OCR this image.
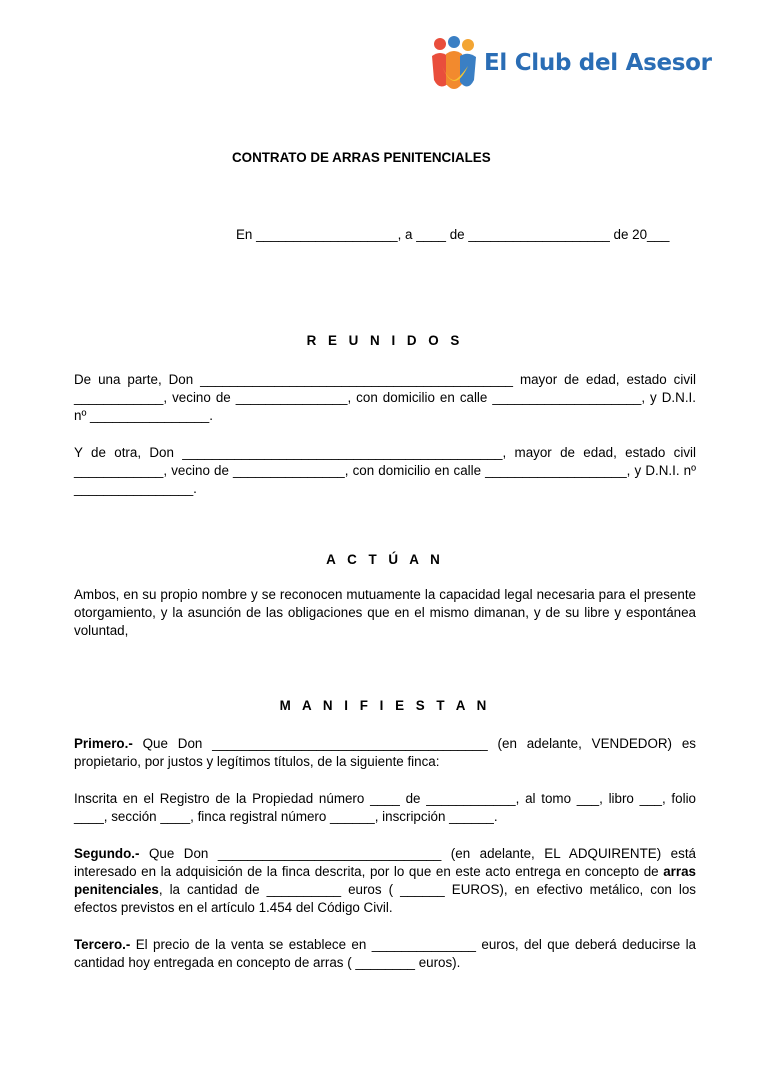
El Club del Asesor
CONTRATO DE ARRAS PENITENCIALES
En ___________________, a ____ de ___________________ de 20___
R E U N I D O S
De una parte, Don __________________________________________ mayor de edad, estado civil ____________, vecino de _______________, con domicilio en calle ____________________, y D.N.I. nº ________________.
Y de otra, Don ___________________________________________, mayor de edad, estado civil ____________, vecino de _______________, con domicilio en calle ___________________, y D.N.I. nº ________________.
A C T Ú A N
Ambos, en su propio nombre y se reconocen mutuamente la capacidad legal necesaria para el presente otorgamiento, y la asunción de las obligaciones que en el mismo dimanan, y de su libre y espontánea voluntad,
M A N I F I E S T A N
Primero.- Que Don _____________________________________ (en adelante, VENDEDOR) es propietario, por justos y legítimos títulos, de la siguiente finca:
Inscrita en el Registro de la Propiedad número ____ de ____________, al tomo ___, libro ___, folio ____, sección ____, finca registral número ______, inscripción ______.
Segundo.- Que Don ______________________________ (en adelante, EL ADQUIRENTE) está interesado en la adquisición de la finca descrita, por lo que en este acto entrega en concepto de arras penitenciales, la cantidad de __________ euros ( ______ EUROS), en efectivo metálico, con los efectos previstos en el artículo 1.454 del Código Civil.
Tercero.- El precio de la venta se establece en ______________ euros, del que deberá deducirse la cantidad hoy entregada en concepto de arras ( ________ euros).
